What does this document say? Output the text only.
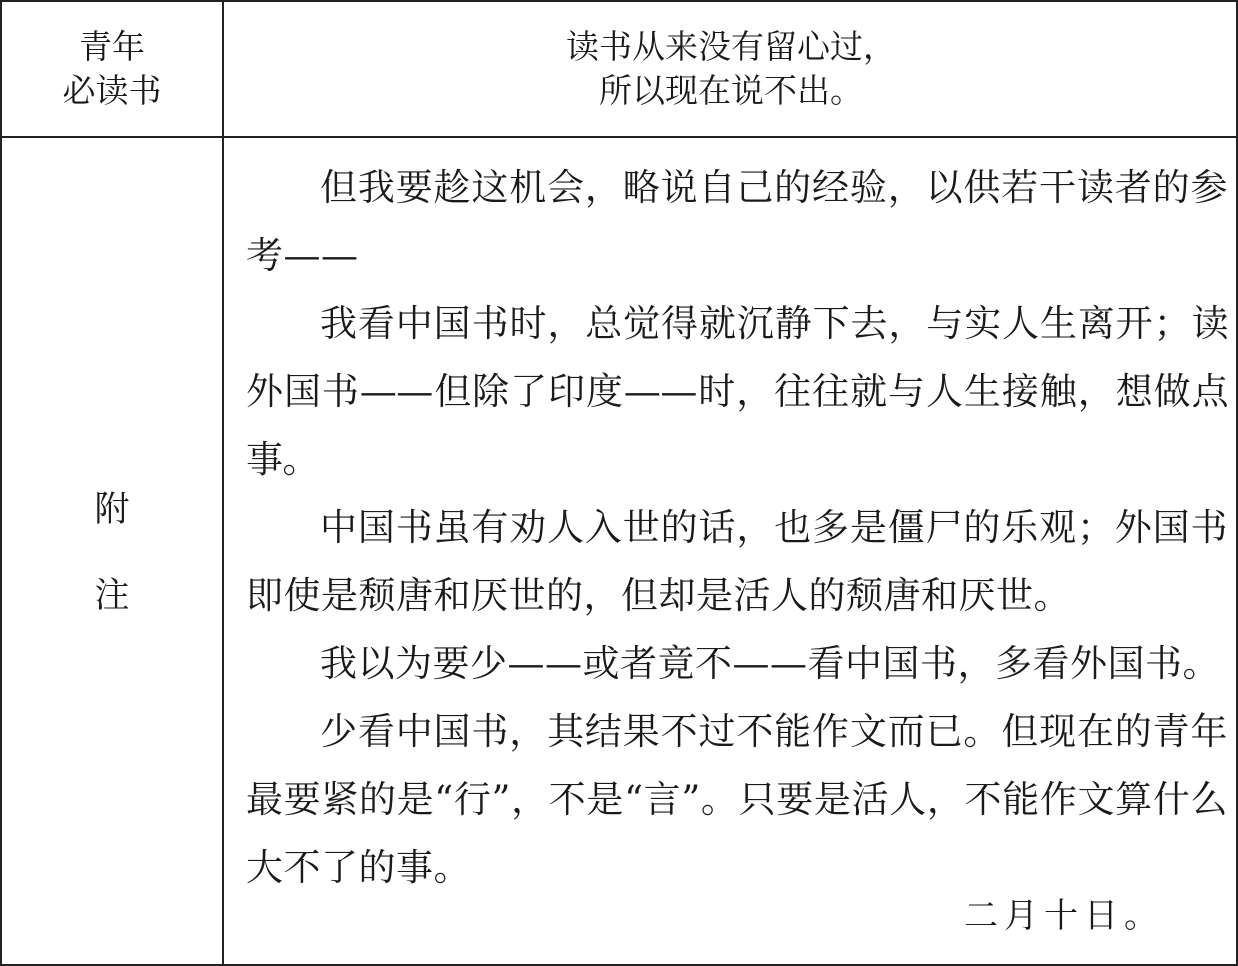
青年
必读书
读书从来没有留心过，
所以现在说不出。
附
注

但我要趁这机会，略说自己的经验，以供若干读者的参考——

我看中国书时，总觉得就沉静下去，与实人生离开；读外国书——但除了印度——时，往往就与人生接触，想做点事。

中国书虽有劝人入世的话，也多是僵尸的乐观；外国书即使是颓唐和厌世的，但却是活人的颓唐和厌世。

我以为要少——或者竟不——看中国书，多看外国书。

少看中国书，其结果不过不能作文而已。但现在的青年最要紧的是“行”，不是“言”。只要是活人，不能作文算什么大不了的事。

二月十日。
